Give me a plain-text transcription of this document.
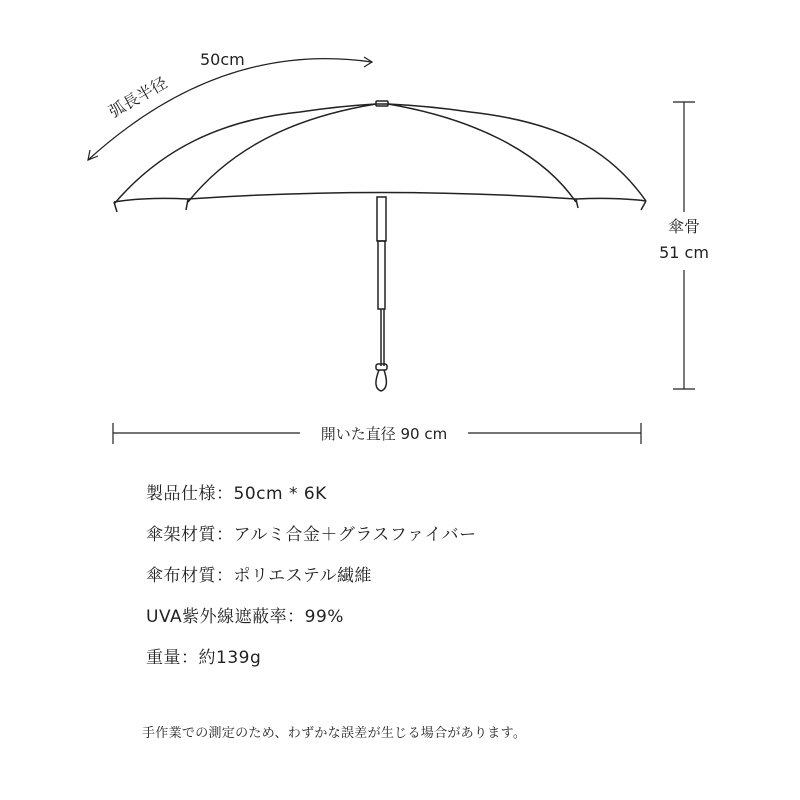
弧長半径
50cm
傘骨
51 cm
開いた直径 90 cm
製品仕様：50cm * 6K
傘架材質：アルミ合金＋グラスファイバー
傘布材質：ポリエステル繊維
UVA紫外線遮蔽率：99%
重量：約139g
手作業での測定のため、わずかな誤差が生じる場合があります。
